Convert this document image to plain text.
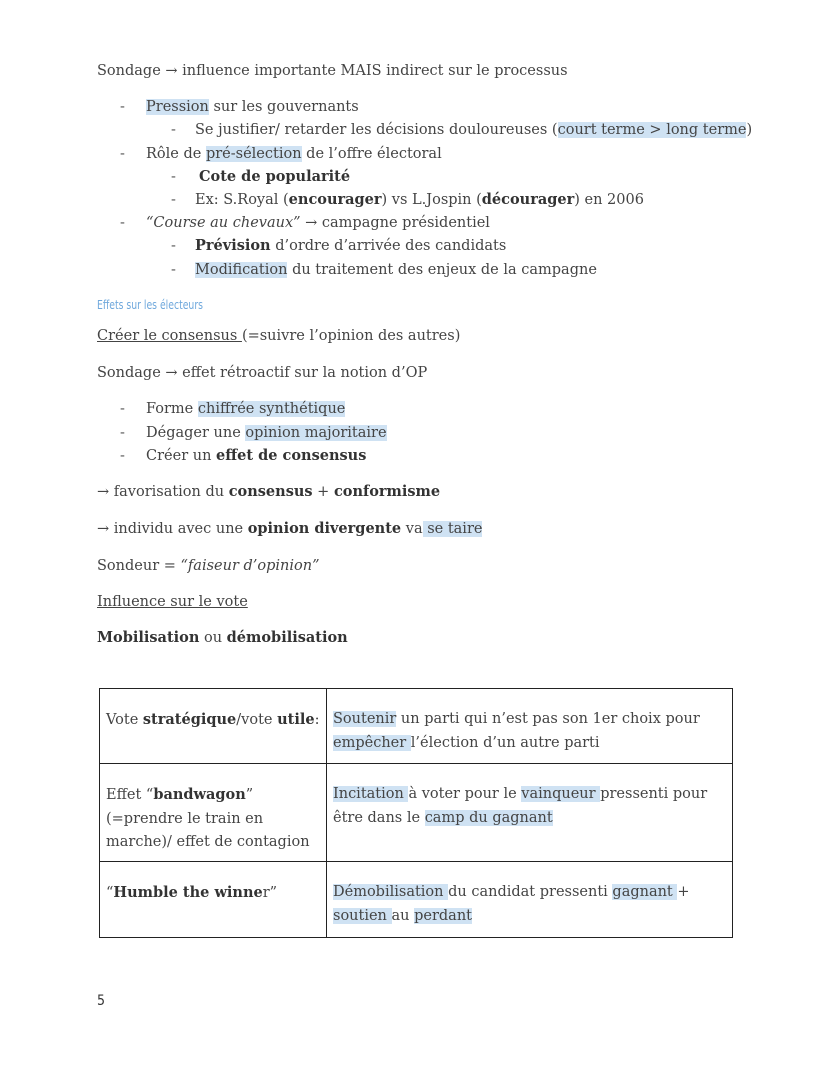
Sondage → influence importante MAIS indirect sur le processus
- Pression sur les gouvernants
- Se justifier/ retarder les décisions douloureuses (court terme > long terme)
- Rôle de pré-sélection de l’offre électoral
- Cote de popularité
- Ex: S.Royal (encourager) vs L.Jospin (décourager) en 2006
- “Course au chevaux” → campagne présidentiel
- Prévision d’ordre d’arrivée des candidats
- Modification du traitement des enjeux de la campagne
Effets sur les électeurs
Créer le consensus (=suivre l’opinion des autres)
Sondage → effet rétroactif sur la notion d’OP
- Forme chiffrée synthétique
- Dégager une opinion majoritaire
- Créer un effet de consensus
→ favorisation du consensus + conformisme
→ individu avec une opinion divergente va se taire
Sondeur = “faiseur d’opinion”
Influence sur le vote
Mobilisation ou démobilisation
Vote stratégique/vote utile:	Soutenir un parti qui n’est pas son 1er choix pour empêcher l’élection d’un autre parti
Effet “bandwagon” (=prendre le train en marche)/ effet de contagion	Incitation à voter pour le vainqueur pressenti pour être dans le camp du gagnant
“Humble the winner”	Démobilisation du candidat pressenti gagnant + soutien au perdant
5
